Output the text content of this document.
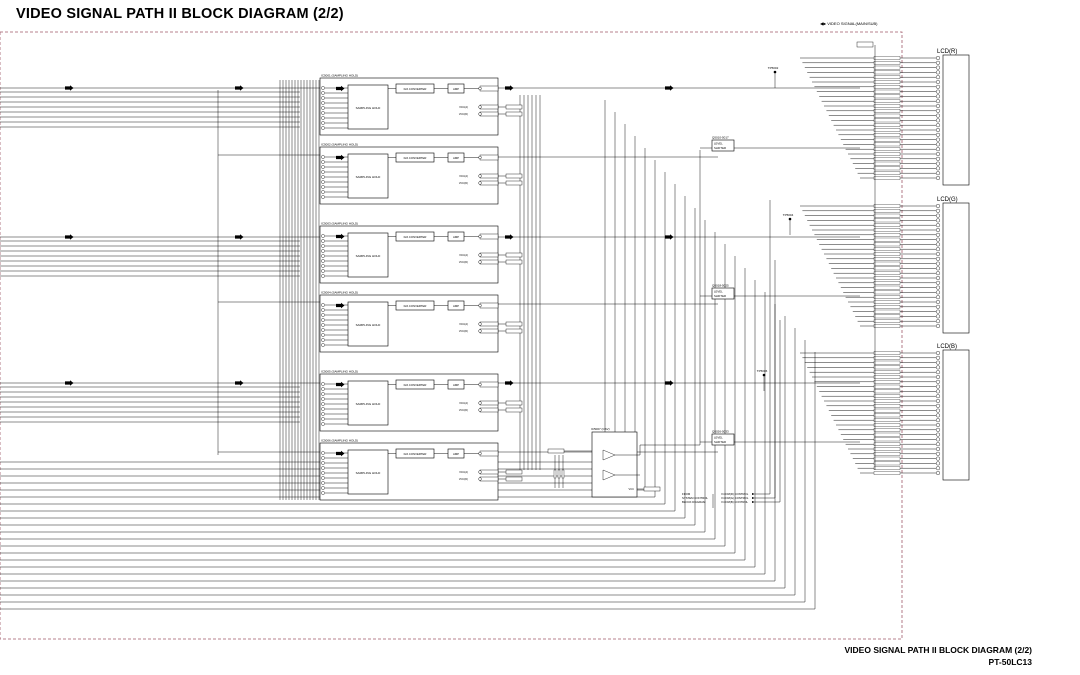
VIDEO SIGNAL PATH II BLOCK DIAGRAM (2/2)
◀▶ VIDEO SIGNAL(MAIN/SUB)
VIDEO SIGNAL PATH II BLOCK DIAGRAM (2/2)
PT-50LC13
IC5001 (SAMPLING HOLD)
SAMPLING HOLD
D/A CONVERTER	AMP
VCC(A)
VCC(D)
IC5002 (SAMPLING HOLD)
SAMPLING HOLD
D/A CONVERTER	AMP
VCC(A)
VCC(D)
IC5003 (SAMPLING HOLD)
SAMPLING HOLD
D/A CONVERTER	AMP
VCC(A)
VCC(D)
IC5004 (SAMPLING HOLD)
SAMPLING HOLD
D/A CONVERTER	AMP
VCC(A)
VCC(D)
IC5005 (SAMPLING HOLD)
SAMPLING HOLD
D/A CONVERTER	AMP
VCC(A)
VCC(D)
IC5006 (SAMPLING HOLD)
SAMPLING HOLD
D/A CONVERTER	AMP
VCC(A)
VCC(D)
Q5010-5017
LEVEL
SHIFTER
Q5018-5025
LEVEL
SHIFTER
Q5026-5033
LEVEL
SHIFTER
TP5002
TP5004
TP5006
LCD(R)
LCD(G)
LCD(B)
IC5007 (CSV)
VCC
FROM
SYSTEM CONTROL
BLOCK DIAGRAM
V.COM(R) CONTROL
V.COM(G) CONTROL
V.COM(B) CONTROL
